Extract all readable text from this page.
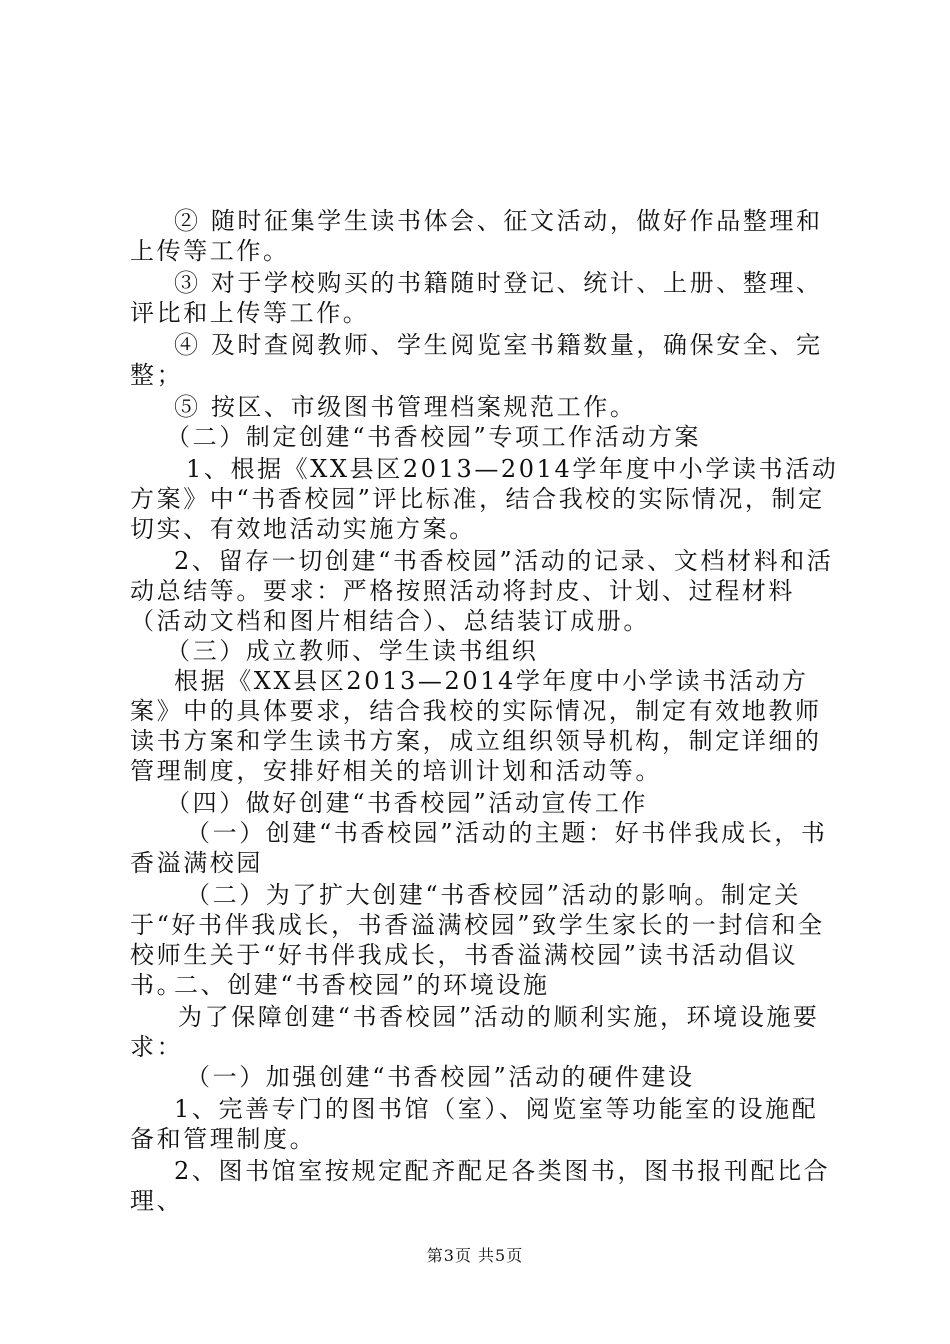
② 随时征集学生读书体会、征文活动，做好作品整理和上传等工作。

③ 对于学校购买的书籍随时登记、统计、上册、整理、评比和上传等工作。

④ 及时查阅教师、学生阅览室书籍数量，确保安全、完整；

⑤ 按区、市级图书管理档案规范工作。

（二）制定创建“书香校园”专项工作活动方案

1、根据《XX县区2013—2014学年度中小学读书活动方案》中“书香校园”评比标准，结合我校的实际情况，制定切实、有效地活动实施方案。

2、留存一切创建“书香校园”活动的记录、文档材料和活动总结等。要求：严格按照活动将封皮、计划、过程材料（活动文档和图片相结合）、总结装订成册。

（三）成立教师、学生读书组织

根据《XX县区2013—2014学年度中小学读书活动方案》中的具体要求，结合我校的实际情况，制定有效地教师读书方案和学生读书方案，成立组织领导机构，制定详细的管理制度，安排好相关的培训计划和活动等。

（四）做好创建“书香校园”活动宣传工作

（一）创建“书香校园”活动的主题：好书伴我成长，书香溢满校园

（二）为了扩大创建“书香校园”活动的影响。制定关于“好书伴我成长，书香溢满校园”致学生家长的一封信和全校师生关于“好书伴我成长，书香溢满校园”读书活动倡议书。

二、创建“书香校园”的环境设施

为了保障创建“书香校园”活动的顺利实施，环境设施要求：

（一）加强创建“书香校园”活动的硬件建设

1、完善专门的图书馆（室）、阅览室等功能室的设施配备和管理制度。

2、图书馆室按规定配齐配足各类图书，图书报刊配比合理、

第3页 共5页
